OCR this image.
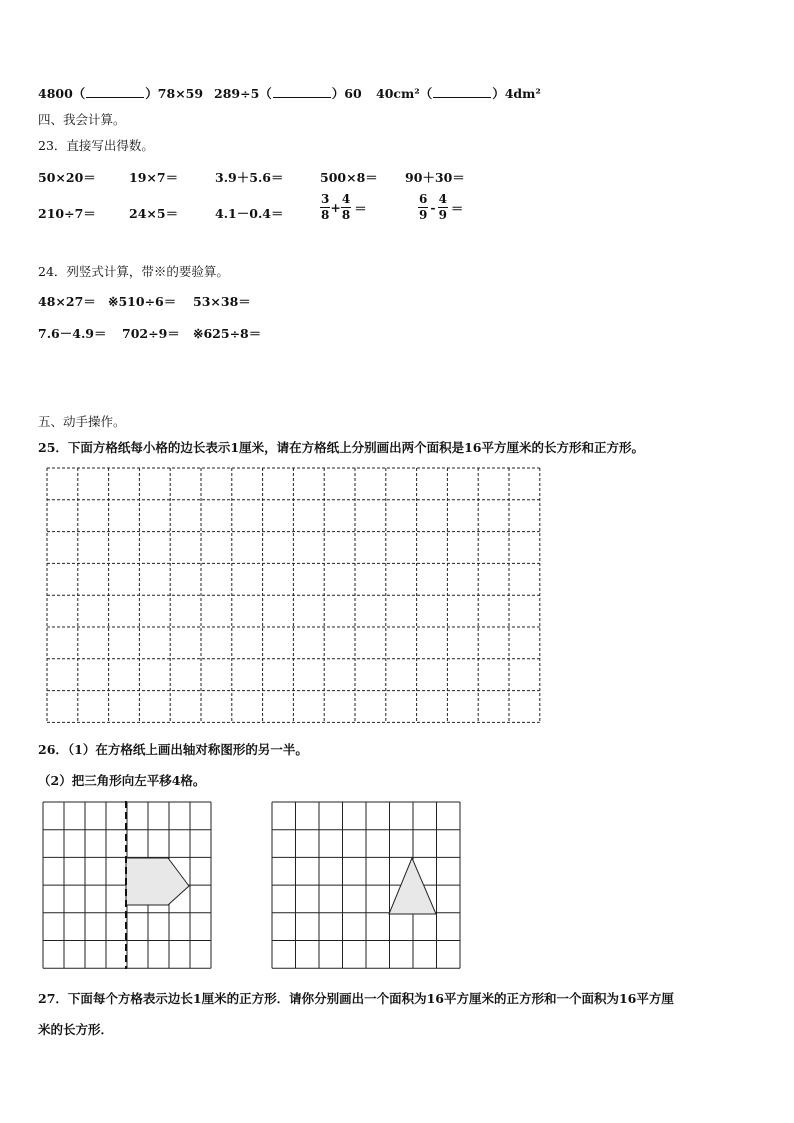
4800（	）78×59 289÷5（	）60 40cm²（	）4dm²
四、我会计算。
23．直接写出得数。
50×20＝	19×7＝	3.9＋5.6＝	500×8＝ 90＋30＝
210÷7＝	24×5＝	4.1－0.4＝	$\frac{3}{8} + \frac{4}{8}$ ＝	$\frac{6}{9} - \frac{4}{9}$ ＝
24．列竖式计算，带※的要验算。
48×27＝ ※510÷6＝ 53×38＝
7.6－4.9＝ 702÷9＝ ※625÷8＝
五、动手操作。
25．下面方格纸每小格的边长表示1厘米，请在方格纸上分别画出两个面积是16平方厘米的长方形和正方形。
26．（1）在方格纸上画出轴对称图形的另一半。
（2）把三角形向左平移4格。
27．下面每个方格表示边长1厘米的正方形．请你分别画出一个面积为16平方厘米的正方形和一个面积为16平方厘
米的长方形．
